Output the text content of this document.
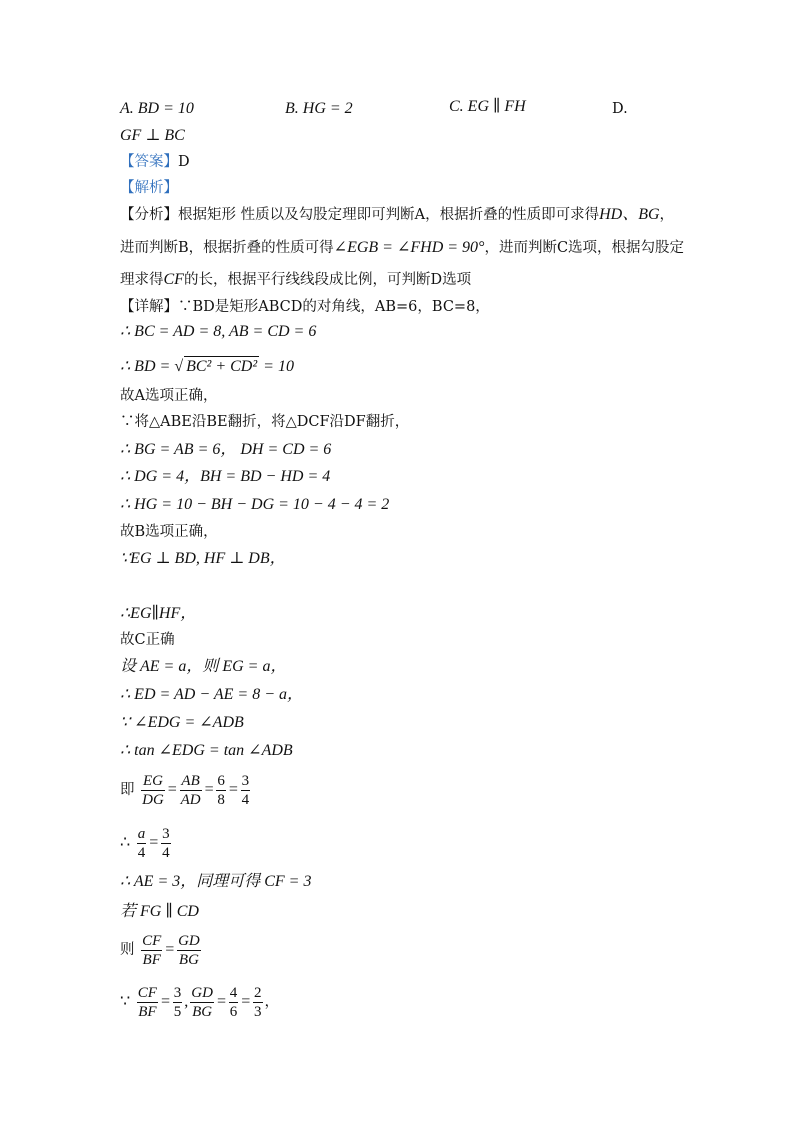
A. BD = 10	B. HG = 2	C. EG ∥ FH	D.
GF ⊥ BC
【答案】D
【解析】
【分析】根据矩形 性质以及勾股定理即可判断A，根据折叠的性质即可求得HD、BG，
进而判断B，根据折叠的性质可得∠EGB = ∠FHD = 90°，进而判断C选项，根据勾股定
理求得CF的长，根据平行线线段成比例，可判断D选项
【详解】∵BD是矩形ABCD的对角线，AB=6，BC=8，
∴ BC = AD = 8, AB = CD = 6
∴ BD = √ BC² + CD² = 10
故A选项正确，
∵将△ABE沿BE翻折，将△DCF沿DF翻折，
∴ BG = AB = 6， DH = CD = 6
∴ DG = 4，BH = BD − HD = 4
∴ HG = 10 − BH − DG = 10 − 4 − 4 = 2
故B选项正确，
∵EG ⊥ BD, HF ⊥ DB，
∴EG∥HF，
故C正确
设 AE = a，则 EG = a，
∴ ED = AD − AE = 8 − a，
∵ ∠EDG = ∠ADB
∴ tan ∠EDG = tan ∠ADB
即 $\frac{EG}{DG} = \frac{AB}{AD} = \frac{6}{8} = \frac{3}{4}$
∴ $\frac{a}{4} = \frac{3}{4}$
∴ AE = 3，同理可得 CF = 3
若 FG ∥ CD
则 $\frac{CF}{BF} = \frac{GD}{BG}$
∵ $\frac{CF}{BF} = \frac{3}{5}$ , $\frac{GD}{BG} = \frac{4}{6} = \frac{2}{3}$ ，
